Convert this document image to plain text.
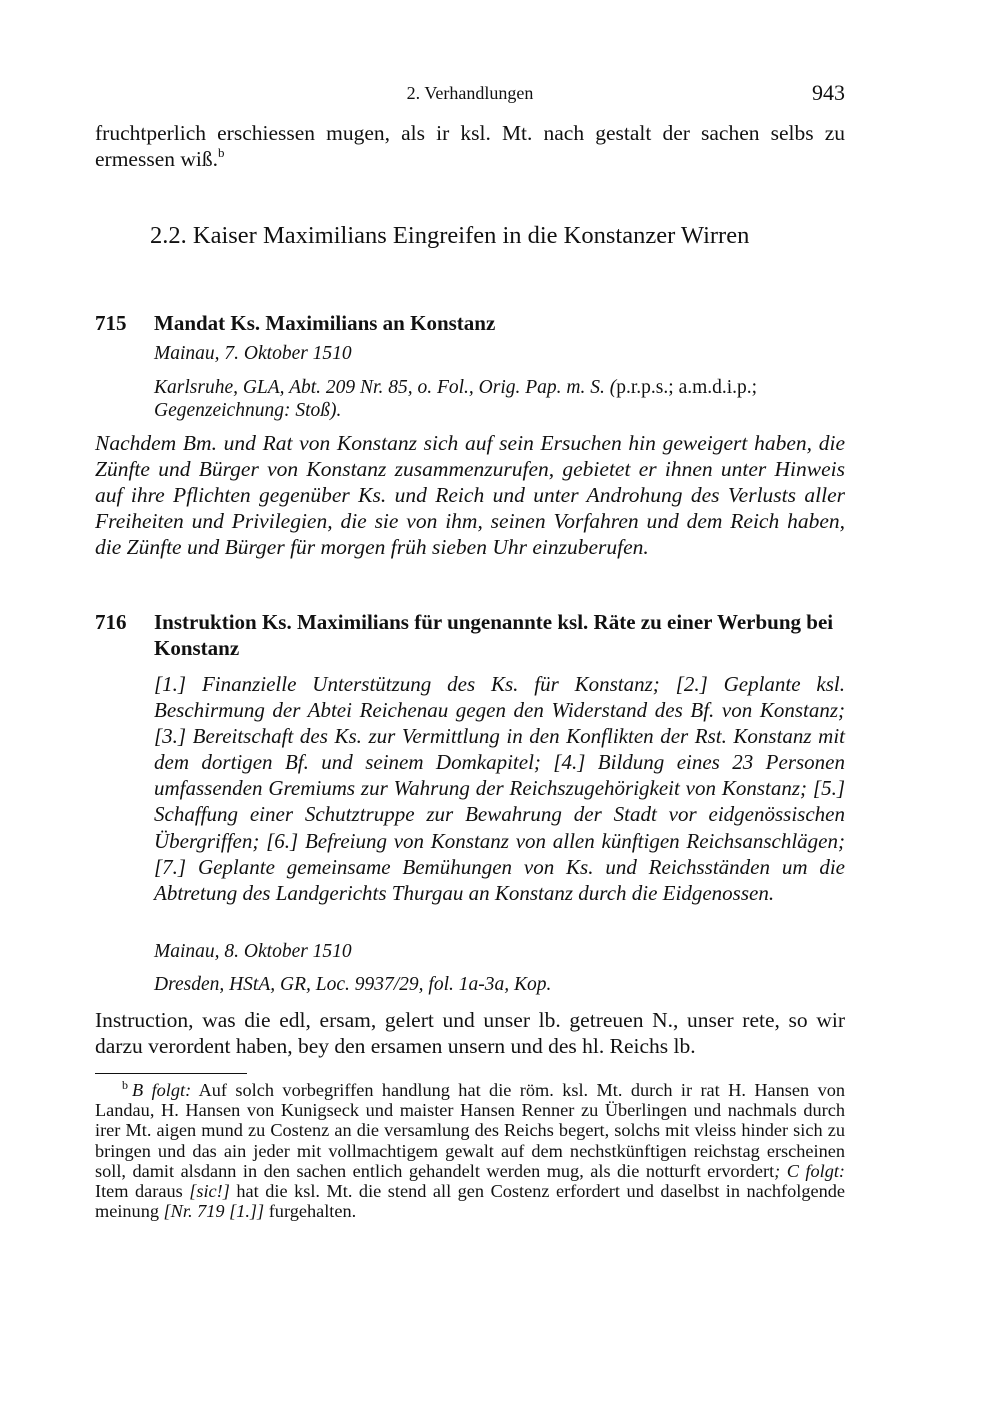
2. Verhandlungen	943

fruchtperlich erschiessen mugen, als ir ksl. Mt. nach gestalt der sachen selbs zu ermessen wiß.$^b$

2.2. Kaiser Maximilians Eingreifen in die Konstanzer Wirren
715 Mandat Ks. Maximilians an Konstanz
Mainau, 7. Oktober 1510
Karlsruhe, GLA, Abt. 209 Nr. 85, o. Fol., Orig. Pap. m. S. (p.r.p.s.; a.m.d.i.p.; Gegenzeichnung: Stoß).

Nachdem Bm. und Rat von Konstanz sich auf sein Ersuchen hin geweigert haben, die Zünfte und Bürger von Konstanz zusammenzurufen, gebietet er ihnen unter Hinweis auf ihre Pflichten gegenüber Ks. und Reich und unter Androhung des Verlusts aller Freiheiten und Privilegien, die sie von ihm, seinen Vorfahren und dem Reich haben, die Zünfte und Bürger für morgen früh sieben Uhr einzuberufen.

716 Instruktion Ks. Maximilians für ungenannte ksl. Räte zu einer Werbung bei Konstanz

[1.] Finanzielle Unterstützung des Ks. für Konstanz; [2.] Geplante ksl. Beschirmung der Abtei Reichenau gegen den Widerstand des Bf. von Konstanz; [3.] Bereitschaft des Ks. zur Vermittlung in den Konflikten der Rst. Konstanz mit dem dortigen Bf. und seinem Domkapitel; [4.] Bildung eines 23 Personen umfassenden Gremiums zur Wahrung der Reichszugehörigkeit von Konstanz; [5.] Schaffung einer Schutztruppe zur Bewahrung der Stadt vor eidgenössischen Übergriffen; [6.] Befreiung von Konstanz von allen künftigen Reichsanschlägen; [7.] Geplante gemeinsame Bemühungen von Ks. und Reichsständen um die Abtretung des Landgerichts Thurgau an Konstanz durch die Eidgenossen.

Mainau, 8. Oktober 1510
Dresden, HStA, GR, Loc. 9937/29, fol. 1a-3a, Kop.

Instruction, was die edl, ersam, gelert und unser lb. getreuen N., unser rete, so wir darzu verordent haben, bey den ersamen unsern und des hl. Reichs lb.

$^b$ B folgt: Auf solch vorbegriffen handlung hat die röm. ksl. Mt. durch ir rat H. Hansen von Landau, H. Hansen von Kunigseck und maister Hansen Renner zu Überlingen und nachmals durch irer Mt. aigen mund zu Costenz an die versamlung des Reichs begert, solchs mit vleiss hinder sich zu bringen und das ain jeder mit vollmachtigem gewalt auf dem nechstkünftigen reichstag erscheinen soll, damit alsdann in den sachen entlich gehandelt werden mug, als die notturft ervordert; C folgt: Item daraus [sic!] hat die ksl. Mt. die stend all gen Costenz erfordert und daselbst in nachfolgende meinung [Nr. 719 [1.]] furgehalten.
